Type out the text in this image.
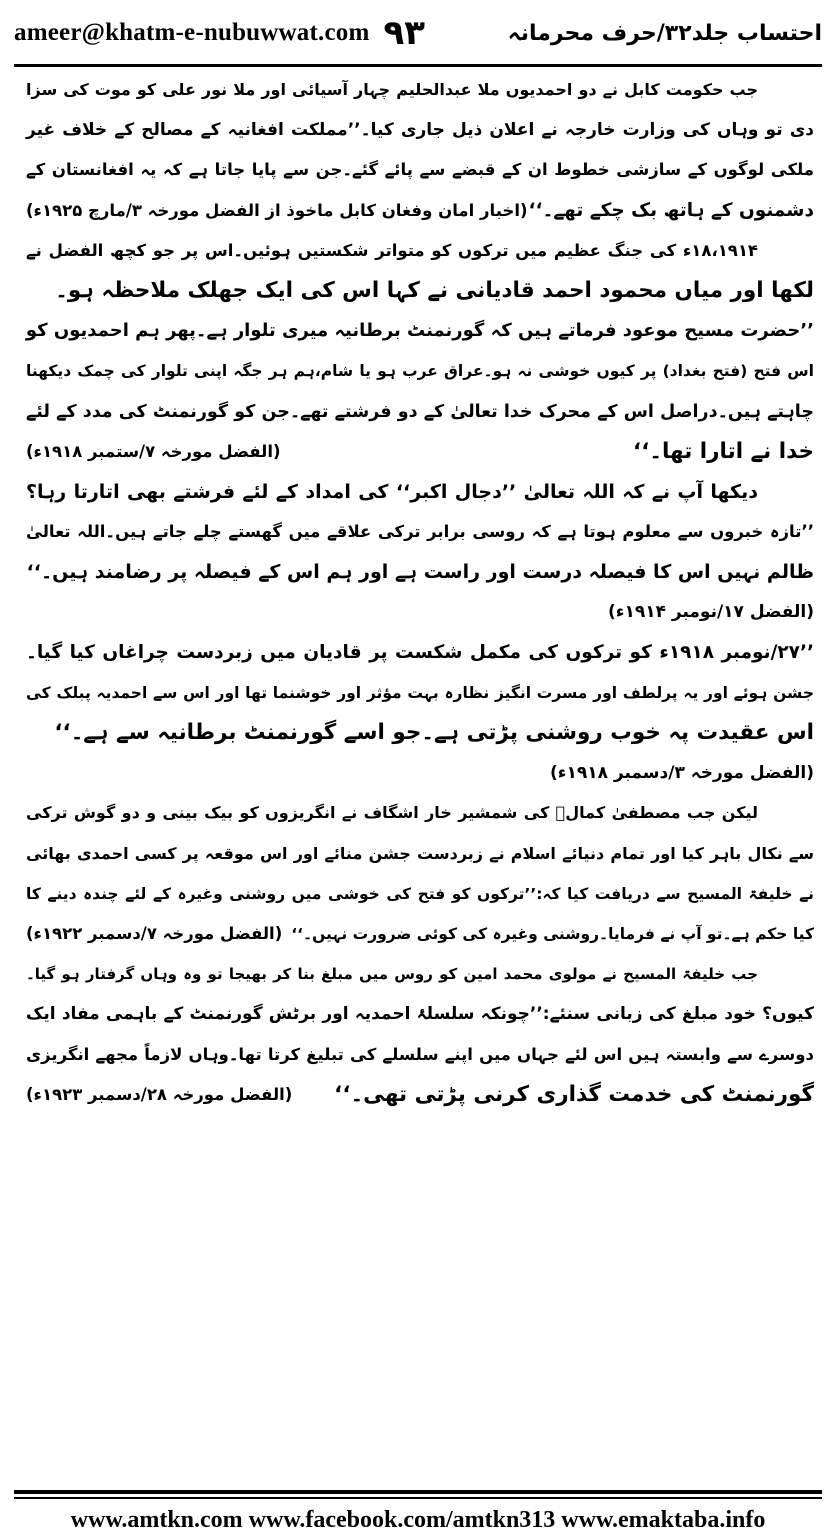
ameer@khatm-e-nubuwwat.com ۹۳	احتساب جلد۳۲/حرف محرمانہ
جب حکومت کابل نے دو احمدیوں ملا عبدالحلیم چہار آسیائی اور ملا نور علی کو موت کی سزا
دی تو وہاں کی وزارت خارجہ نے اعلان ذیل جاری کیا۔’’مملکت افغانیہ کے مصالح کے خلاف غیر
ملکی لوگوں کے سازشی خطوط ان کے قبضے سے پائے گئے۔جن سے پایا جاتا ہے کہ یہ افغانستان کے
دشمنوں کے ہاتھ بک چکے تھے۔‘‘
(اخبار امان وفغان کابل ماخوذ از الفضل مورخہ ۳/مارچ ۱۹۲۵ء)
۱۸،۱۹۱۴ء کی جنگ عظیم میں ترکوں کو متواتر شکستیں ہوئیں۔اس پر جو کچھ الفضل نے
لکھا اور میاں محمود احمد قادیانی نے کہا اس کی ایک جھلک ملاحظہ ہو۔
’’حضرت مسیح موعود فرماتے ہیں کہ گورنمنٹ برطانیہ میری تلوار ہے۔پھر ہم احمدیوں کو
اس فتح (فتح بغداد) پر کیوں خوشی نہ ہو۔عراق عرب ہو یا شام،ہم ہر جگہ اپنی تلوار کی چمک دیکھنا
چاہتے ہیں۔دراصل اس کے محرک خدا تعالیٰ کے دو فرشتے تھے۔جن کو گورنمنٹ کی مدد کے لئے
خدا نے اتارا تھا۔‘‘
(الفضل مورخہ ۷/ستمبر ۱۹۱۸ء)
دیکھا آپ نے کہ اللہ تعالیٰ ’’دجال اکبر‘‘ کی امداد کے لئے فرشتے بھی اتارتا رہا؟
’’تازہ خبروں سے معلوم ہوتا ہے کہ روسی برابر ترکی علاقے میں گھستے چلے جاتے ہیں۔اللہ تعالیٰ
ظالم نہیں اس کا فیصلہ درست اور راست ہے اور ہم اس کے فیصلہ پر رضامند ہیں۔‘‘
(الفضل ۱۷/نومبر ۱۹۱۴ء)
’’۲۷/نومبر ۱۹۱۸ء کو ترکوں کی مکمل شکست پر قادیان میں زبردست چراغاں کیا گیا۔
جشن ہوئے اور یہ پرلطف اور مسرت انگیز نظارہ بہت مؤثر اور خوشنما تھا اور اس سے احمدیہ پبلک کی
اس عقیدت پہ خوب روشنی پڑتی ہے۔جو اسے گورنمنٹ برطانیہ سے ہے۔‘‘
(الفضل مورخہ ۳/دسمبر ۱۹۱۸ء)
لیکن جب مصطفیٰ کمالؒ کی شمشیر خار اشگاف نے انگریزوں کو بیک بینی و دو گوش ترکی
سے نکال باہر کیا اور تمام دنیائے اسلام نے زبردست جشن منائے اور اس موقعہ پر کسی احمدی بھائی
نے خلیفۃ المسیح سے دریافت کیا کہ:’’ترکوں کو فتح کی خوشی میں روشنی وغیرہ کے لئے چندہ دینے کا
کیا حکم ہے۔تو آپ نے فرمایا۔روشنی وغیرہ کی کوئی ضرورت نہیں۔‘‘
(الفضل مورخہ ۷/دسمبر ۱۹۲۲ء)
جب خلیفۃ المسیح نے مولوی محمد امین کو روس میں مبلغ بنا کر بھیجا تو وہ وہاں گرفتار ہو گیا۔
کیوں؟ خود مبلغ کی زبانی سنئے:’’چونکہ سلسلۂ احمدیہ اور برٹش گورنمنٹ کے باہمی مفاد ایک
دوسرے سے وابستہ ہیں اس لئے جہاں میں اپنے سلسلے کی تبلیغ کرتا تھا۔وہاں لازماً مجھے انگریزی
گورنمنٹ کی خدمت گذاری کرنی پڑتی تھی۔‘‘
(الفضل مورخہ ۲۸/دسمبر ۱۹۲۳ء)
www.amtkn.com www.facebook.com/amtkn313 www.emaktaba.info
